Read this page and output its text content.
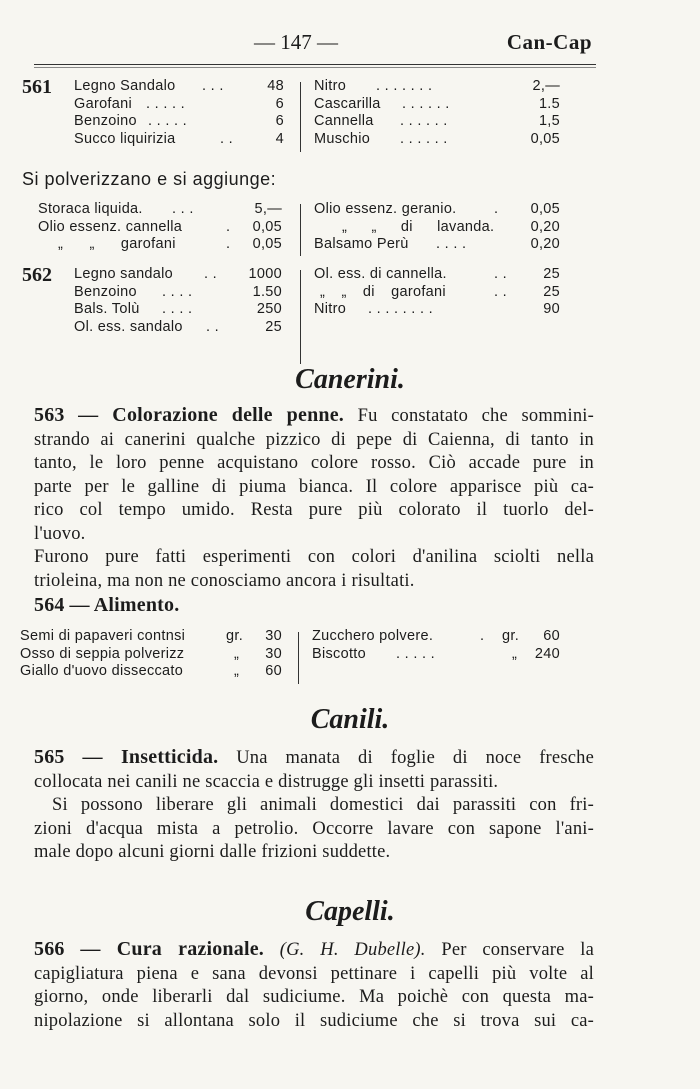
— 147 —	Can-Cap
561 Legno Sandalo . . .	48
Garofani . . . . .	6
Benzoino . . . . .	6
Succo liquirizia	. .	4
Nitro . . . . . . .	2,—
Cascarilla . . . . . .	1.5
Cannella . . . . . .	1,5
Muschio . . . . . .	0,05
Si polverizzano e si aggiunge:
Storaca liquida. . . .	5,—
Olio essenz. cannella	.	0,05
„ „ garofani	.	0,05
Olio essenz. geranio.	.	0,05
„ „ di lavanda.	0,20
Balsamo Perù . . . .	0,20
562 Legno sandalo . .	1000
Benzoino . . . .	1.50
Bals. Tolù . . . .	250
Ol. ess. sandalo . .	25
Ol. ess. di cannella.	. .	25
„ „ di garofani	. .	25
Nitro . . . . . . . .	90
Canerini.
563 — Colorazione delle penne. Fu constatato che sommini-
strando ai canerini qualche pizzico di pepe di Caienna, di tanto in
tanto, le loro penne acquistano colore rosso. Ciò accade pure in
parte per le galline di piuma bianca. Il colore apparisce più ca-
rico col tempo umido. Resta pure più colorato il tuorlo del-
l'uovo.
Furono pure fatti esperimenti con colori d'anilina sciolti nella
trioleina, ma non ne conosciamo ancora i risultati.
564 — Alimento.
Semi di papaveri contnsi	gr.	30
Osso di seppia polverizz	„	30
Giallo d'uovo disseccato	„	60
Zucchero polvere.	. gr.	60
Biscotto . . . . .	„	240
Canili.
565 — Insetticida. Una manata di foglie di noce fresche
collocata nei canili ne scaccia e distrugge gli insetti parassiti.
Si possono liberare gli animali domestici dai parassiti con fri-
zioni d'acqua mista a petrolio. Occorre lavare con sapone l'ani-
male dopo alcuni giorni dalle frizioni suddette.
Capelli.
566 — Cura razionale. (G. H. Dubelle). Per conservare la
capigliatura piena e sana devonsi pettinare i capelli più volte al
giorno, onde liberarli dal sudiciume. Ma poichè con questa ma-
nipolazione si allontana solo il sudiciume che si trova sui ca-
